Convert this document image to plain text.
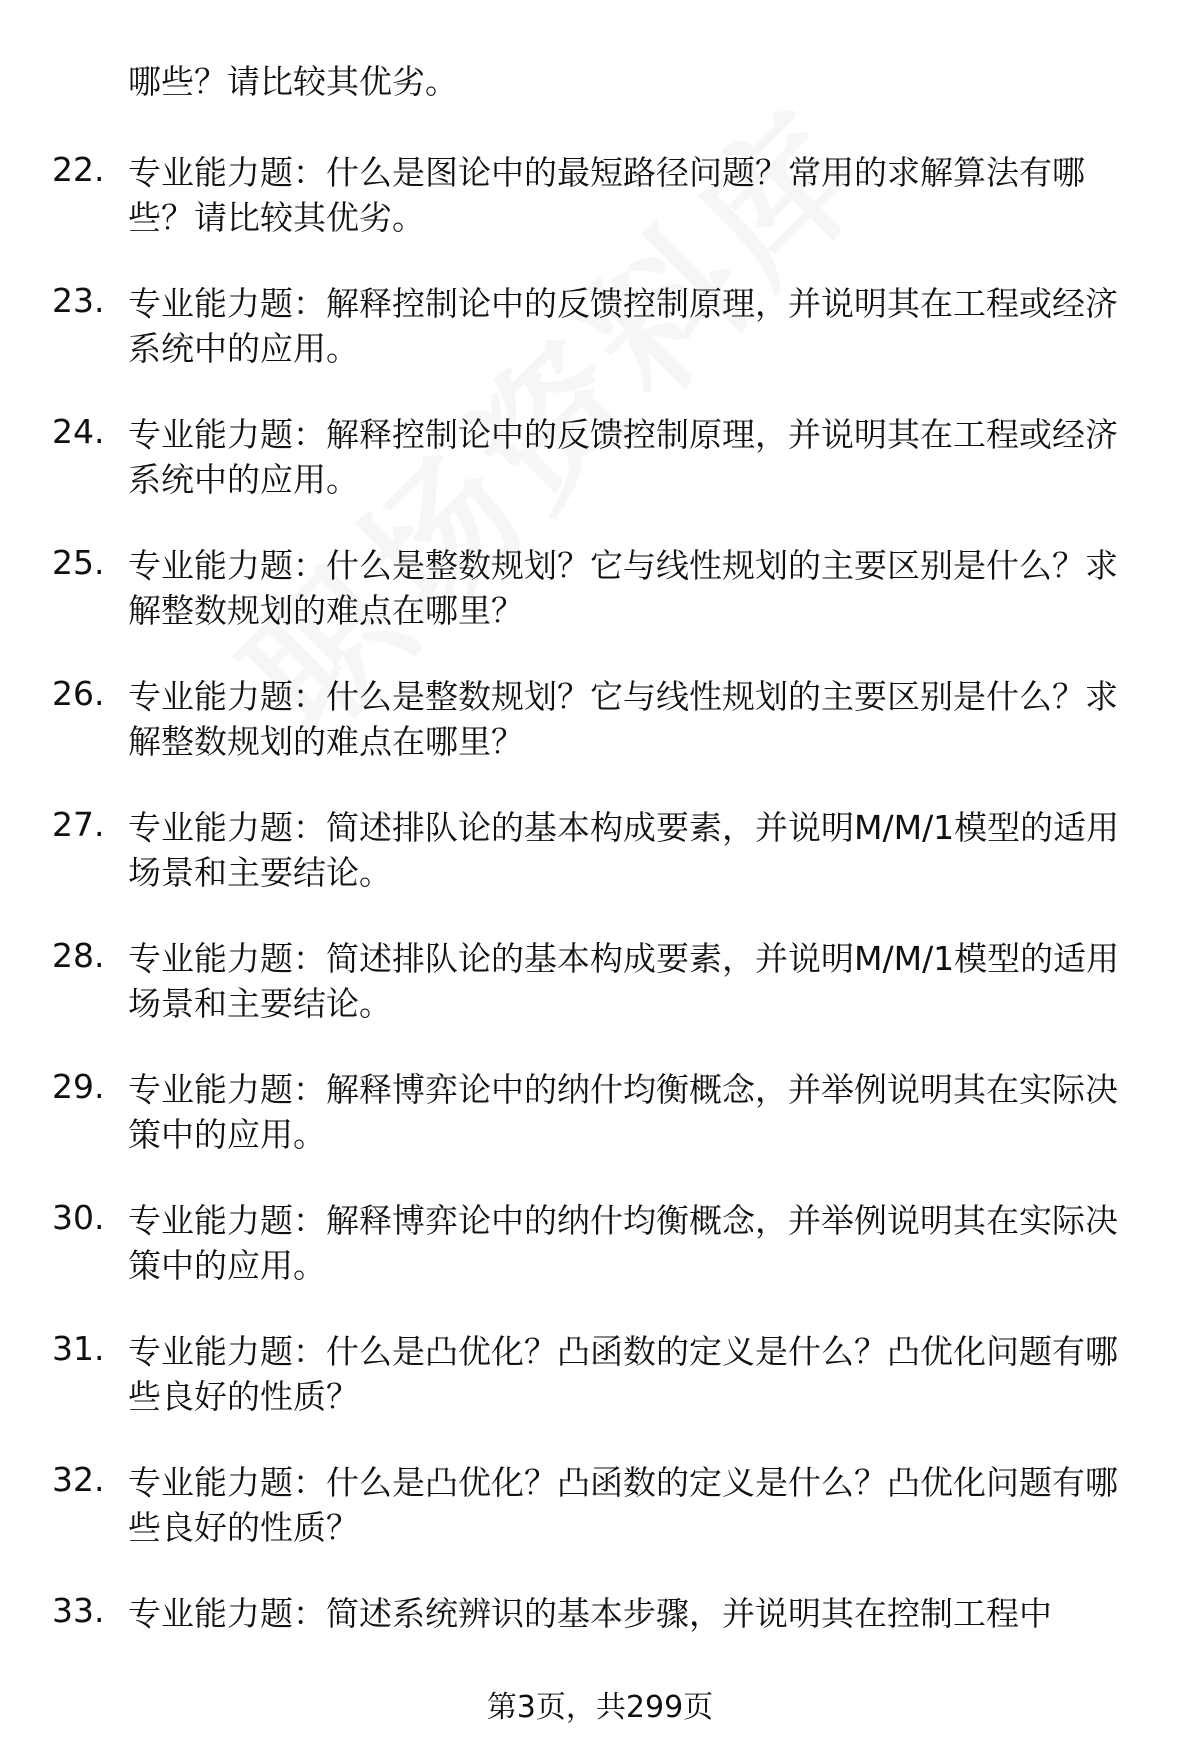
哪些？请比较其优劣。
22. 专业能力题：什么是图论中的最短路径问题？常用的求解算法有哪些？请比较其优劣。
23. 专业能力题：解释控制论中的反馈控制原理，并说明其在工程或经济系统中的应用。
24. 专业能力题：解释控制论中的反馈控制原理，并说明其在工程或经济系统中的应用。
25. 专业能力题：什么是整数规划？它与线性规划的主要区别是什么？求解整数规划的难点在哪里？
26. 专业能力题：什么是整数规划？它与线性规划的主要区别是什么？求解整数规划的难点在哪里？
27. 专业能力题：简述排队论的基本构成要素，并说明M/M/1模型的适用场景和主要结论。
28. 专业能力题：简述排队论的基本构成要素，并说明M/M/1模型的适用场景和主要结论。
29. 专业能力题：解释博弈论中的纳什均衡概念，并举例说明其在实际决策中的应用。
30. 专业能力题：解释博弈论中的纳什均衡概念，并举例说明其在实际决策中的应用。
31. 专业能力题：什么是凸优化？凸函数的定义是什么？凸优化问题有哪些良好的性质？
32. 专业能力题：什么是凸优化？凸函数的定义是什么？凸优化问题有哪些良好的性质？
33. 专业能力题：简述系统辨识的基本步骤，并说明其在控制工程中
第3页，共299页
